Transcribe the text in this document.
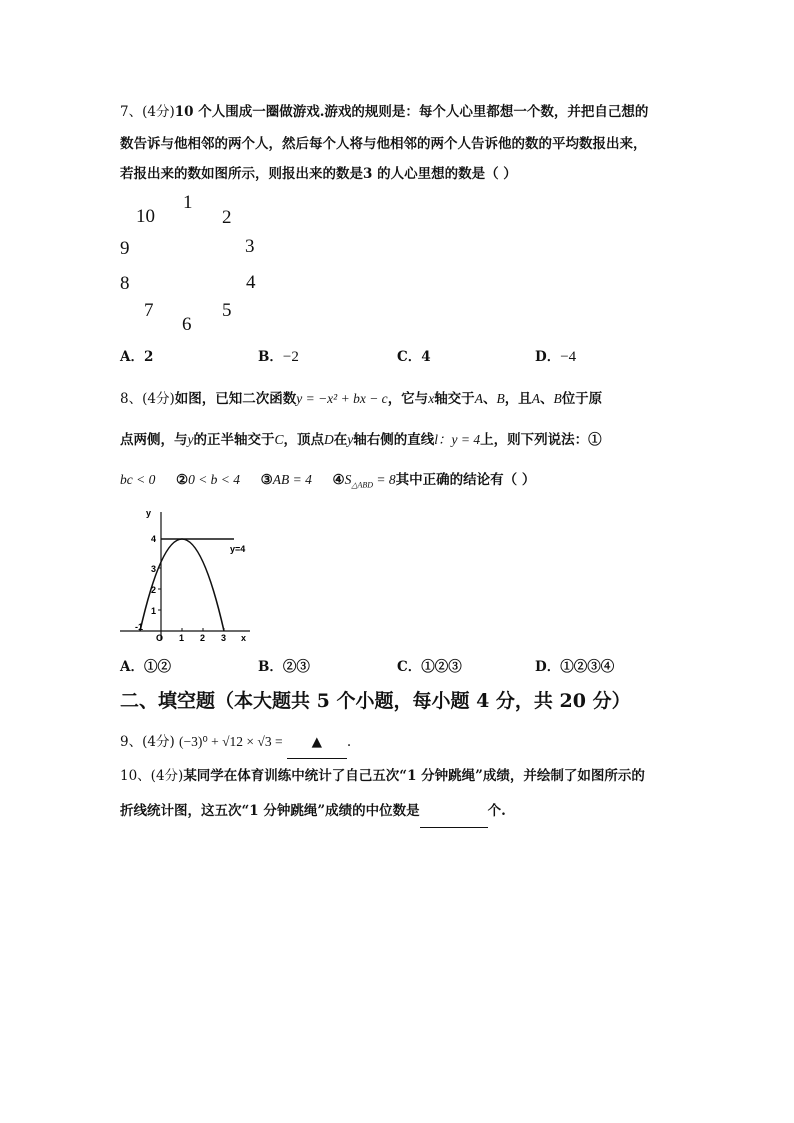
7、(4分)10 个人围成一圈做游戏.游戏的规则是：每个人心里都想一个数，并把自己想的
数告诉与他相邻的两个人，然后每个人将与他相邻的两个人告诉他的数的平均数报出来，
若报出来的数如图所示，则报出来的数是3 的人心里想的数是（ ）
10
1
2
9	3
8	4
7	5
6
A．2	B．−2	C．4	D．−4
8、(4分)如图，已知二次函数y = −x² + bx − c，它与x轴交于A、B，且A、B位于原
点两侧，与y的正半轴交于C，顶点D在y轴右侧的直线l：y = 4上，则下列说法：①
bc < 0 ②0 < b < 4 ③AB = 4 $④S_{\triangle ABD} = 8$其中正确的结论有（ ）
y
x
O
y=4
1
2
3
4
-1
1 2 3
A．①②	B．②③	C．①②③	D．①②③④
二、填空题（本大题共 5 个小题，每小题 4 分，共 20 分）
9、(4分) (−3)⁰ + √12 × √3 = ▲ .
10、(4分)某同学在体育训练中统计了自己五次“1 分钟跳绳”成绩，并绘制了如图所示的
折线统计图，这五次“1 分钟跳绳”成绩的中位数是	个.
